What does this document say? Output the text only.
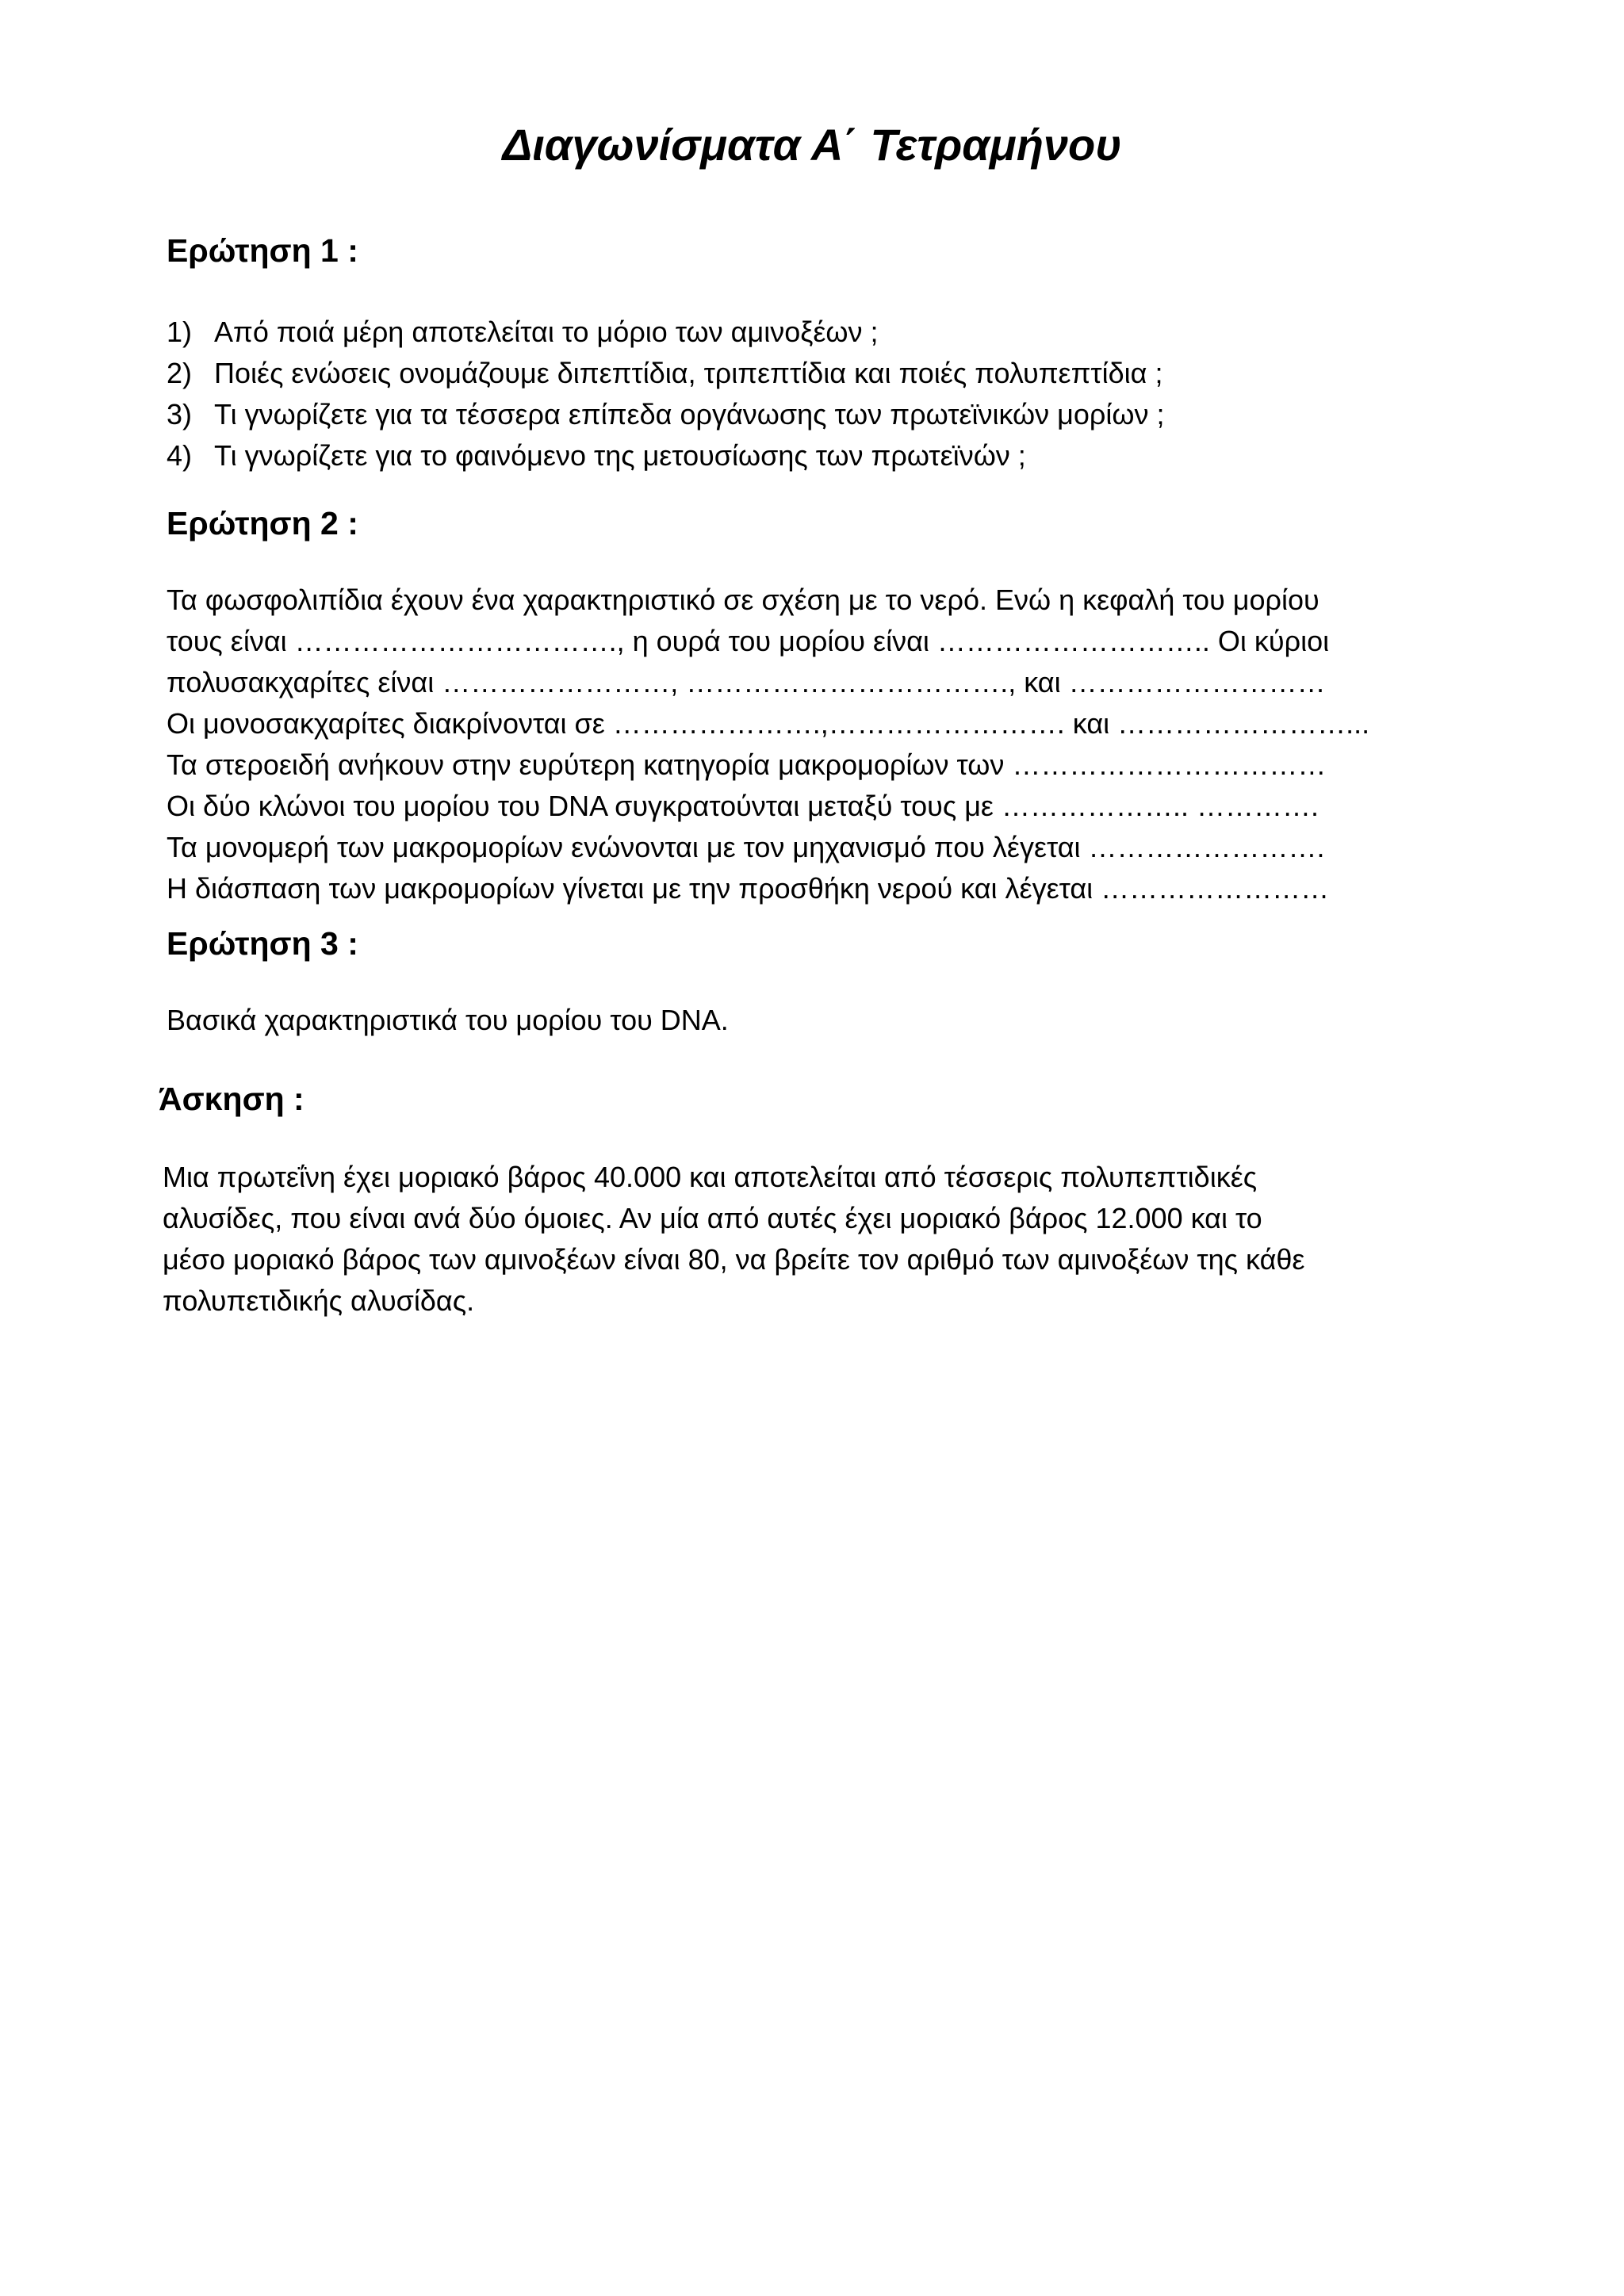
Διαγωνίσματα Α΄ Τετραμήνου
Ερώτηση 1 :
1) Από ποιά μέρη αποτελείται το μόριο των αμινοξέων ;
2) Ποιές ενώσεις ονομάζουμε διπεπτίδια, τριπεπτίδια και ποιές πολυπεπτίδια ;
3) Τι γνωρίζετε για τα τέσσερα επίπεδα οργάνωσης των πρωτεϊνικών μορίων ;
4) Τι γνωρίζετε για το φαινόμενο της μετουσίωσης των πρωτεϊνών ;
Ερώτηση 2 :
Τα φωσφολιπίδια έχουν ένα χαρακτηριστικό σε σχέση με το νερό. Ενώ η κεφαλή του μορίου
τους είναι ……………………………., η ουρά του μορίου είναι ……………………….. Οι κύριοι
πολυσακχαρίτες είναι ……………………, ……………………………., και ………………………
Οι μονοσακχαρίτες διακρίνονται σε ………………….,……………………. και ……………………...
Τα στεροειδή ανήκουν στην ευρύτερη κατηγορία μακρομορίων των ……………………………
Οι δύο κλώνοι του μορίου του DNA συγκρατούνται μεταξύ τους με ……………….. ………….
Τα μονομερή των μακρομορίων ενώνονται με τον μηχανισμό που λέγεται …………………….
Η διάσπαση των μακρομορίων γίνεται με την προσθήκη νερού και λέγεται ……………………
Ερώτηση 3 :
Βασικά χαρακτηριστικά του μορίου του DNA.
Άσκηση :
Μια πρωτεΐνη έχει μοριακό βάρος 40.000 και αποτελείται από τέσσερις πολυπεπτιδικές
αλυσίδες, που είναι ανά δύο όμοιες. Αν μία από αυτές έχει μοριακό βάρος 12.000 και το
μέσο μοριακό βάρος των αμινοξέων είναι 80, να βρείτε τον αριθμό των αμινοξέων της κάθε
πολυπετιδικής αλυσίδας.
